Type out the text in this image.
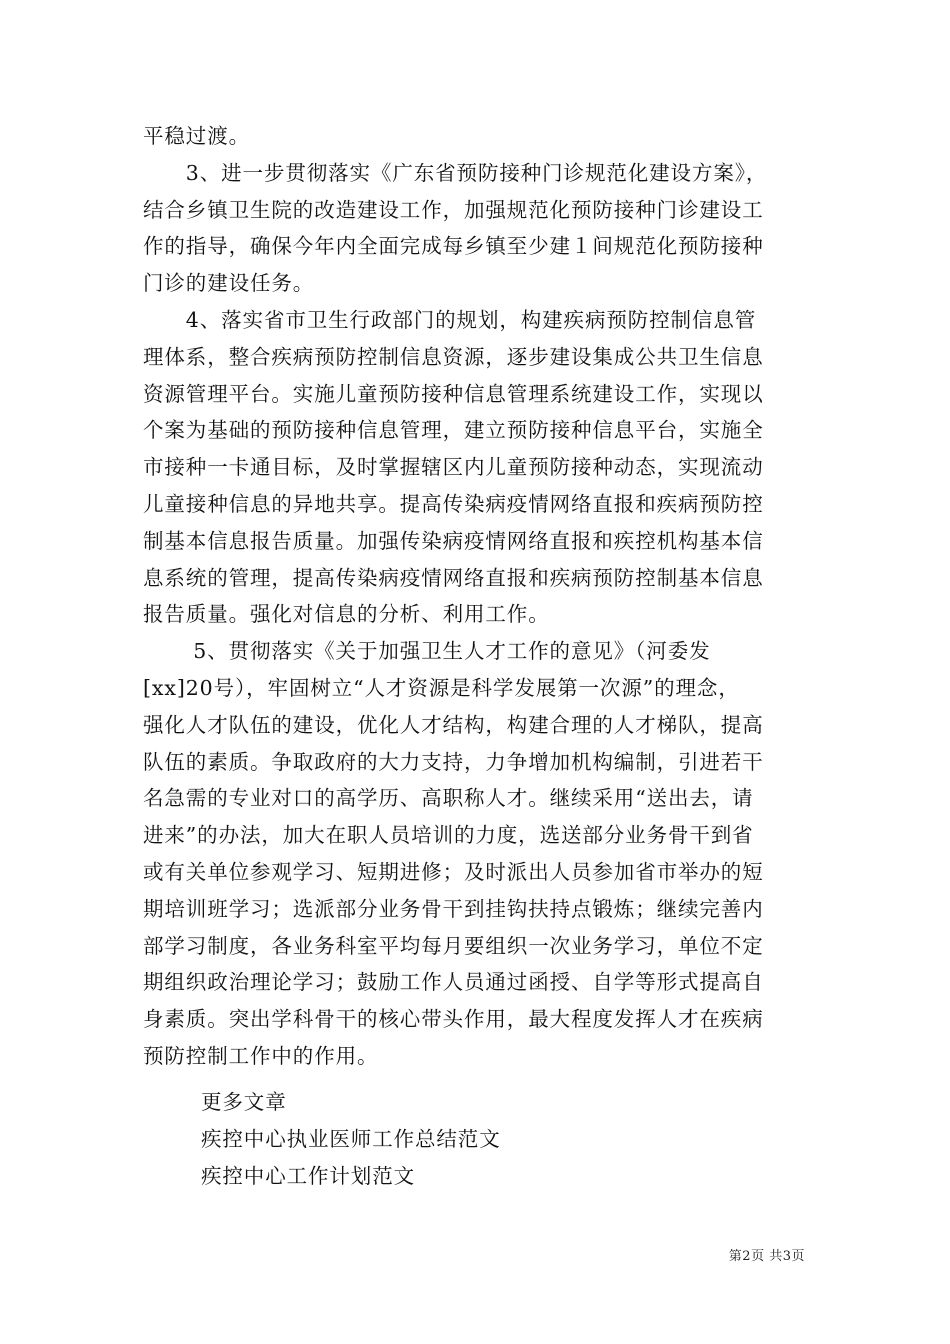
平稳过渡。
　　3、进一步贯彻落实《广东省预防接种门诊规范化建设方案》，
结合乡镇卫生院的改造建设工作，加强规范化预防接种门诊建设工
作的指导，确保今年内全面完成每乡镇至少建１间规范化预防接种
门诊的建设任务。
　　4、落实省市卫生行政部门的规划，构建疾病预防控制信息管
理体系，整合疾病预防控制信息资源，逐步建设集成公共卫生信息
资源管理平台。实施儿童预防接种信息管理系统建设工作，实现以
个案为基础的预防接种信息管理，建立预防接种信息平台，实施全
市接种一卡通目标，及时掌握辖区内儿童预防接种动态，实现流动
儿童接种信息的异地共享。提高传染病疫情网络直报和疾病预防控
制基本信息报告质量。加强传染病疫情网络直报和疾控机构基本信
息系统的管理，提高传染病疫情网络直报和疾病预防控制基本信息
报告质量。强化对信息的分析、利用工作。
　　 5、贯彻落实《关于加强卫生人才工作的意见》（河委发
[xx]20号），牢固树立“人才资源是科学发展第一次源”的理念，
强化人才队伍的建设，优化人才结构，构建合理的人才梯队，提高
队伍的素质。争取政府的大力支持，力争增加机构编制，引进若干
名急需的专业对口的高学历、高职称人才。继续采用“送出去，请
进来”的办法，加大在职人员培训的力度，选送部分业务骨干到省
或有关单位参观学习、短期进修；及时派出人员参加省市举办的短
期培训班学习；选派部分业务骨干到挂钩扶持点锻炼；继续完善内
部学习制度，各业务科室平均每月要组织一次业务学习，单位不定
期组织政治理论学习；鼓励工作人员通过函授、自学等形式提高自
身素质。突出学科骨干的核心带头作用，最大程度发挥人才在疾病
预防控制工作中的作用。
更多文章
疾控中心执业医师工作总结范文
疾控中心工作计划范文
第2页 共3页
